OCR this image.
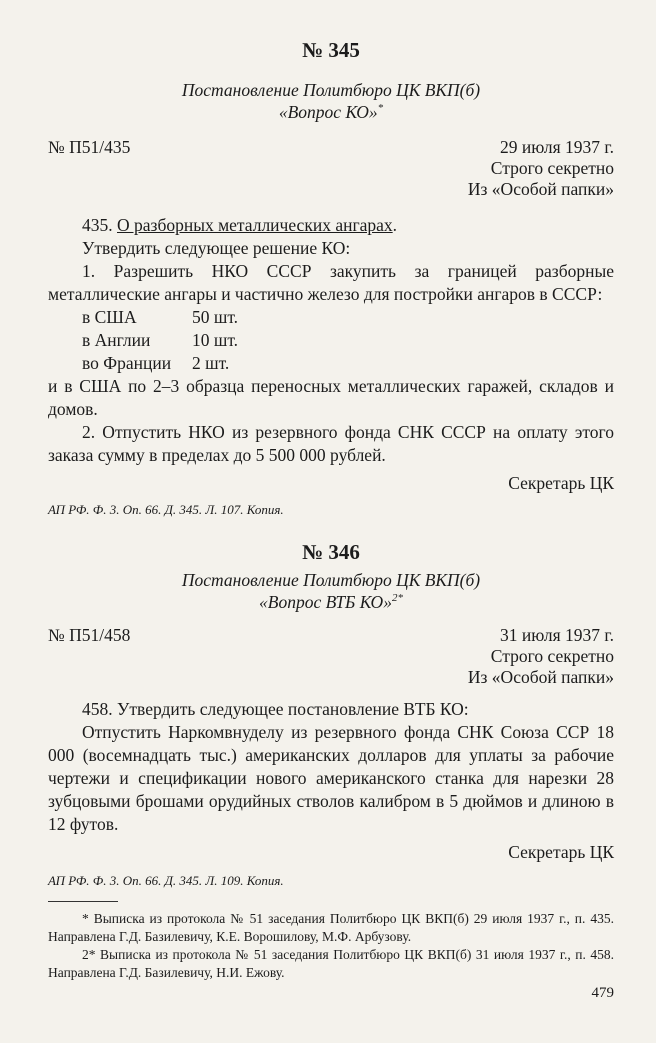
№ 345
Постановление Политбюро ЦК ВКП(б)
«Вопрос КО»*
№ П51/435	29 июля 1937 г.
Строго секретно
Из «Особой папки»
435. О разборных металлических ангарах.
Утвердить следующее решение КО:
1. Разрешить НКО СССР закупить за границей разборные металлические ангары и частично железо для постройки ангаров в СССР:
в США	50 шт.
в Англии	10 шт.
во Франции	2 шт.
и в США по 2–3 образца переносных металлических гаражей, складов и домов.
2. Отпустить НКО из резервного фонда СНК СССР на оплату этого заказа сумму в пределах до 5 500 000 рублей.
Секретарь ЦК
АП РФ. Ф. 3. Оп. 66. Д. 345. Л. 107. Копия.
№ 346
Постановление Политбюро ЦК ВКП(б)
«Вопрос ВТБ КО»$^{2*}$
№ П51/458	31 июля 1937 г.
Строго секретно
Из «Особой папки»
458. Утвердить следующее постановление ВТБ КО:
Отпустить Наркомвнуделу из резервного фонда СНК Союза ССР 18 000 (восемнадцать тыс.) американских долларов для уплаты за рабочие чертежи и спецификации нового американского станка для нарезки 28 зубцовыми брошами орудийных стволов калибром в 5 дюймов и длиною в 12 футов.
Секретарь ЦК
АП РФ. Ф. 3. Оп. 66. Д. 345. Л. 109. Копия.
* Выписка из протокола № 51 заседания Политбюро ЦК ВКП(б) 29 июля 1937 г., п. 435. Направлена Г.Д. Базилевичу, К.Е. Ворошилову, М.Ф. Арбузову.
2* Выписка из протокола № 51 заседания Политбюро ЦК ВКП(б) 31 июля 1937 г., п. 458. Направлена Г.Д. Базилевичу, Н.И. Ежову.
479
